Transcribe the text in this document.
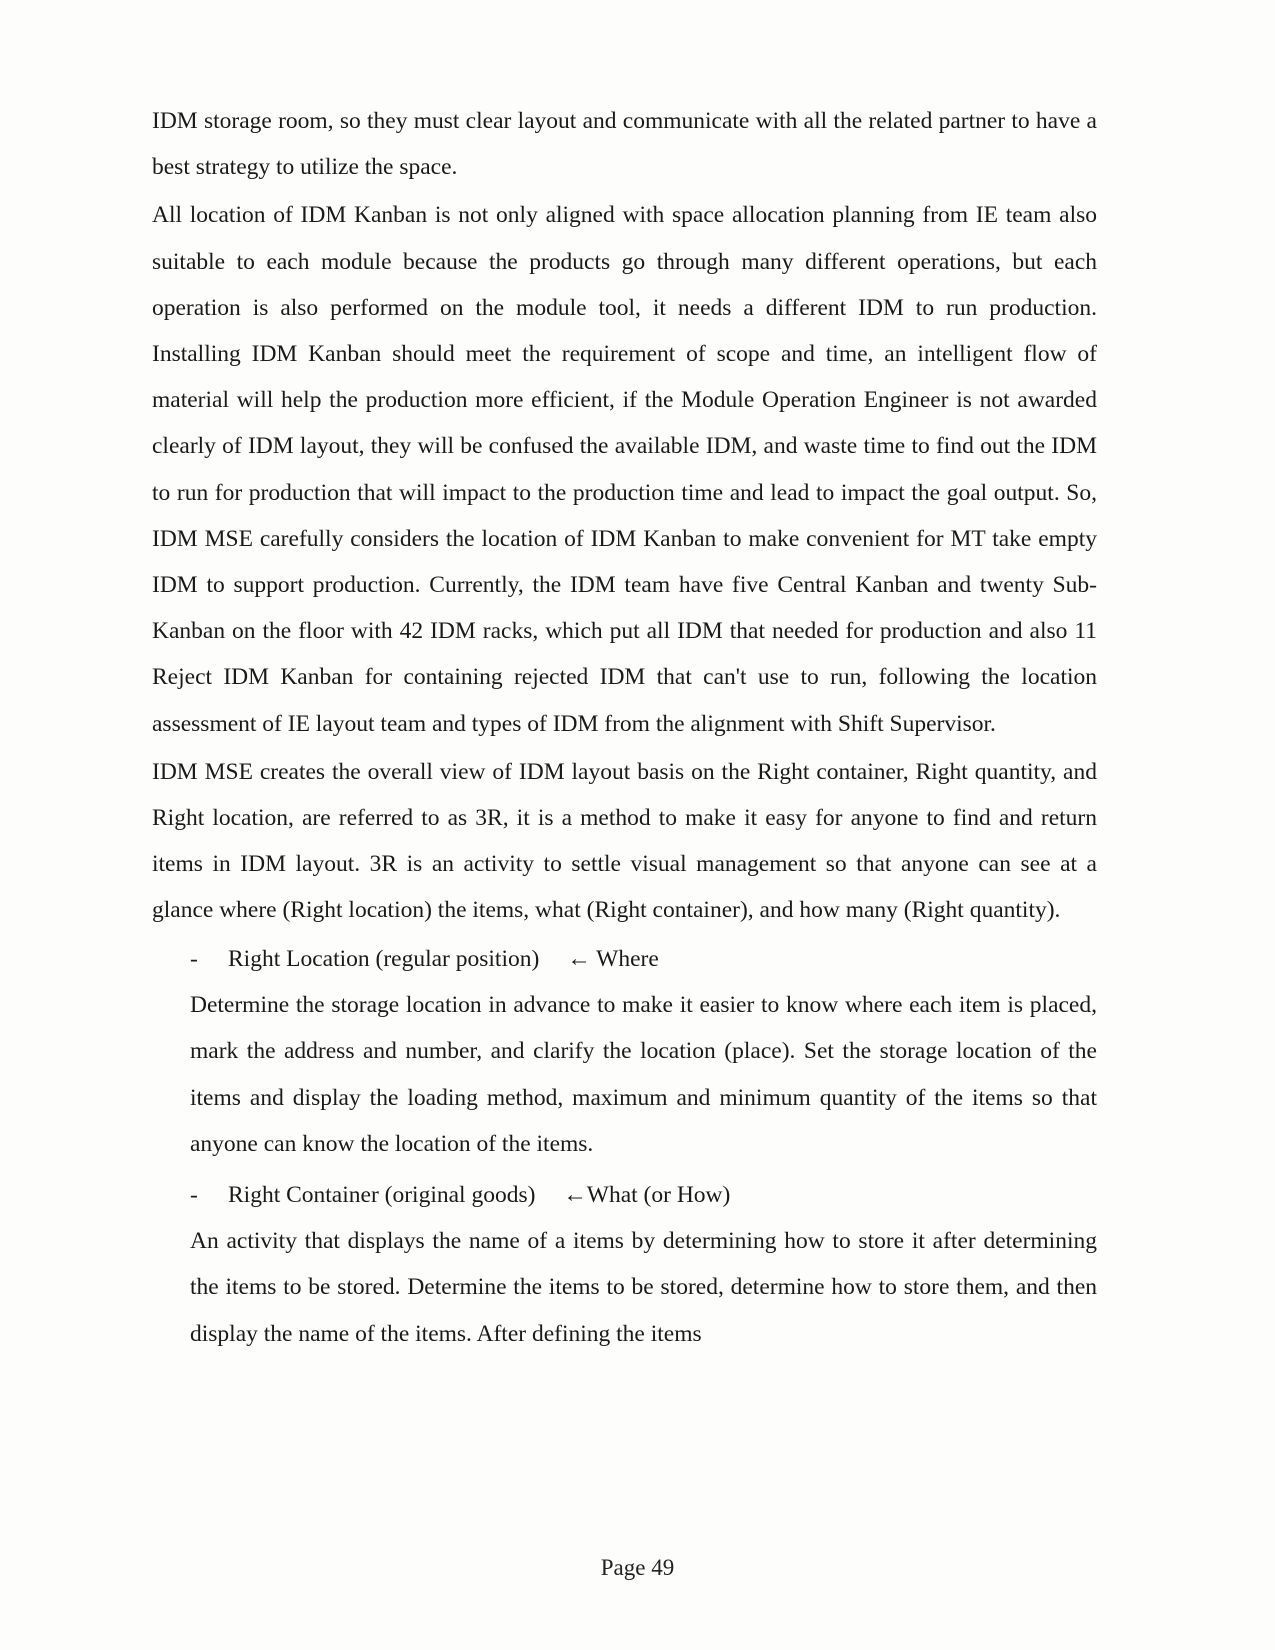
IDM storage room, so they must clear layout and communicate with all the related partner to have a best strategy to utilize the space.

All location of IDM Kanban is not only aligned with space allocation planning from IE team also suitable to each module because the products go through many different operations, but each operation is also performed on the module tool, it needs a different IDM to run production. Installing IDM Kanban should meet the requirement of scope and time, an intelligent flow of material will help the production more efficient, if the Module Operation Engineer is not awarded clearly of IDM layout, they will be confused the available IDM, and waste time to find out the IDM to run for production that will impact to the production time and lead to impact the goal output. So, IDM MSE carefully considers the location of IDM Kanban to make convenient for MT take empty IDM to support production. Currently, the IDM team have five Central Kanban and twenty Sub-Kanban on the floor with 42 IDM racks, which put all IDM that needed for production and also 11 Reject IDM Kanban for containing rejected IDM that can't use to run, following the location assessment of IE layout team and types of IDM from the alignment with Shift Supervisor.

IDM MSE creates the overall view of IDM layout basis on the Right container, Right quantity, and Right location, are referred to as 3R, it is a method to make it easy for anyone to find and return items in IDM layout. 3R is an activity to settle visual management so that anyone can see at a glance where (Right location) the items, what (Right container), and how many (Right quantity).

- Right Location (regular position) ← Where

Determine the storage location in advance to make it easier to know where each item is placed, mark the address and number, and clarify the location (place). Set the storage location of the items and display the loading method, maximum and minimum quantity of the items so that anyone can know the location of the items.

- Right Container (original goods) ←What (or How)

An activity that displays the name of a items by determining how to store it after determining the items to be stored. Determine the items to be stored, determine how to store them, and then display the name of the items. After defining the items

Page 49
